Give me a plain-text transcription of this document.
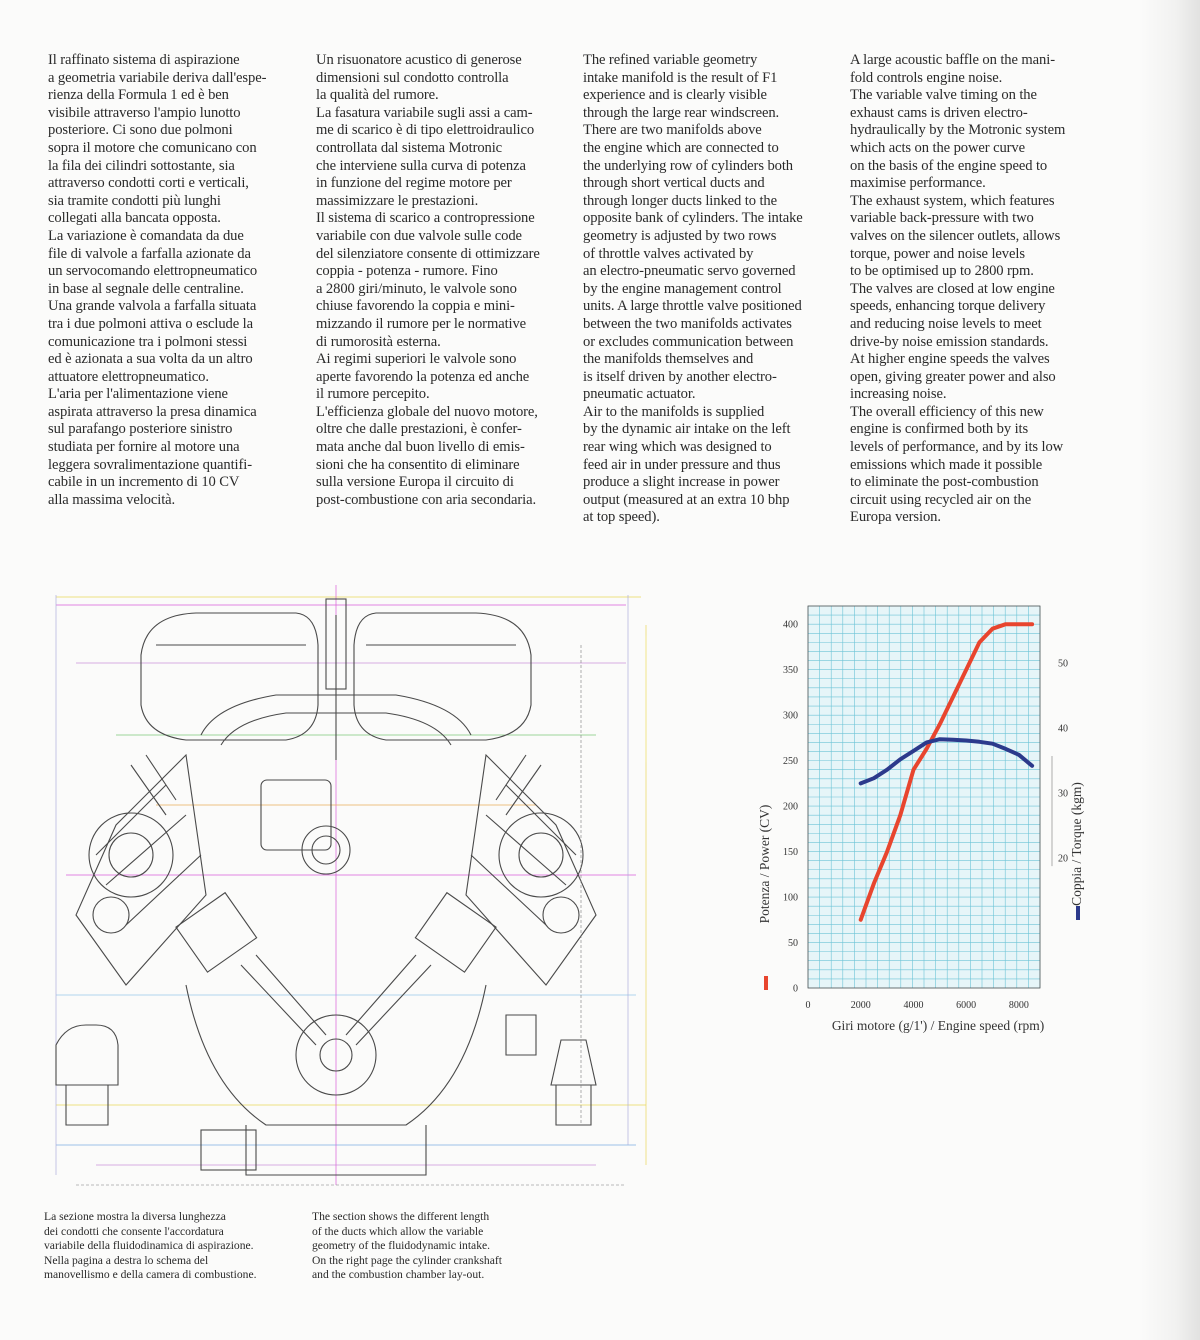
Il raffinato sistema di aspirazione
a geometria variabile deriva dall'espe-
rienza della Formula 1 ed è ben
visibile attraverso l'ampio lunotto
posteriore. Ci sono due polmoni
sopra il motore che comunicano con
la fila dei cilindri sottostante, sia
attraverso condotti corti e verticali,
sia tramite condotti più lunghi
collegati alla bancata opposta.
La variazione è comandata da due
file di valvole a farfalla azionate da
un servocomando elettropneumatico
in base al segnale delle centraline.
Una grande valvola a farfalla situata
tra i due polmoni attiva o esclude la
comunicazione tra i polmoni stessi
ed è azionata a sua volta da un altro
attuatore elettropneumatico.
L'aria per l'alimentazione viene
aspirata attraverso la presa dinamica
sul parafango posteriore sinistro
studiata per fornire al motore una
leggera sovralimentazione quantifi-
cabile in un incremento di 10 CV
alla massima velocità.
Un risuonatore acustico di generose
dimensioni sul condotto controlla
la qualità del rumore.
La fasatura variabile sugli assi a cam-
me di scarico è di tipo elettroidraulico
controllata dal sistema Motronic
che interviene sulla curva di potenza
in funzione del regime motore per
massimizzare le prestazioni.
Il sistema di scarico a contropressione
variabile con due valvole sulle code
del silenziatore consente di ottimizzare
coppia - potenza - rumore. Fino
a 2800 giri/minuto, le valvole sono
chiuse favorendo la coppia e mini-
mizzando il rumore per le normative
di rumorosità esterna.
Ai regimi superiori le valvole sono
aperte favorendo la potenza ed anche
il rumore percepito.
L'efficienza globale del nuovo motore,
oltre che dalle prestazioni, è confer-
mata anche dal buon livello di emis-
sioni che ha consentito di eliminare
sulla versione Europa il circuito di
post-combustione con aria secondaria.
The refined variable geometry
intake manifold is the result of F1
experience and is clearly visible
through the large rear windscreen.
There are two manifolds above
the engine which are connected to
the underlying row of cylinders both
through short vertical ducts and
through longer ducts linked to the
opposite bank of cylinders. The intake
geometry is adjusted by two rows
of throttle valves activated by
an electro-pneumatic servo governed
by the engine management control
units. A large throttle valve positioned
between the two manifolds activates
or excludes communication between
the manifolds themselves and
is itself driven by another electro-
pneumatic actuator.
Air to the manifolds is supplied
by the dynamic air intake on the left
rear wing which was designed to
feed air in under pressure and thus
produce a slight increase in power
output (measured at an extra 10 bhp
at top speed).
A large acoustic baffle on the mani-
fold controls engine noise.
The variable valve timing on the
exhaust cams is driven electro-
hydraulically by the Motronic system
which acts on the power curve
on the basis of the engine speed to
maximise performance.
The exhaust system, which features
variable back-pressure with two
valves on the silencer outlets, allows
torque, power and noise levels
to be optimised up to 2800 rpm.
The valves are closed at low engine
speeds, enhancing torque delivery
and reducing noise levels to meet
drive-by noise emission standards.
At higher engine speeds the valves
open, giving greater power and also
increasing noise.
The overall efficiency of this new
engine is confirmed both by its
levels of performance, and by its low
emissions which made it possible
to eliminate the post-combustion
circuit using recycled air on the
Europa version.
0
50
100
150
200
250
300
350
400
20
30
40
50
0	2000	4000	6000	8000
Giri motore (g/1') / Engine speed (rpm)
Potenza / Power (CV)	Coppia / Torque (kgm)
La sezione mostra la diversa lunghezza
dei condotti che consente l'accordatura
variabile della fluidodinamica di aspirazione.
Nella pagina a destra lo schema del
manovellismo e della camera di combustione.
The section shows the different length
of the ducts which allow the variable
geometry of the fluidodynamic intake.
On the right page the cylinder crankshaft
and the combustion chamber lay-out.
